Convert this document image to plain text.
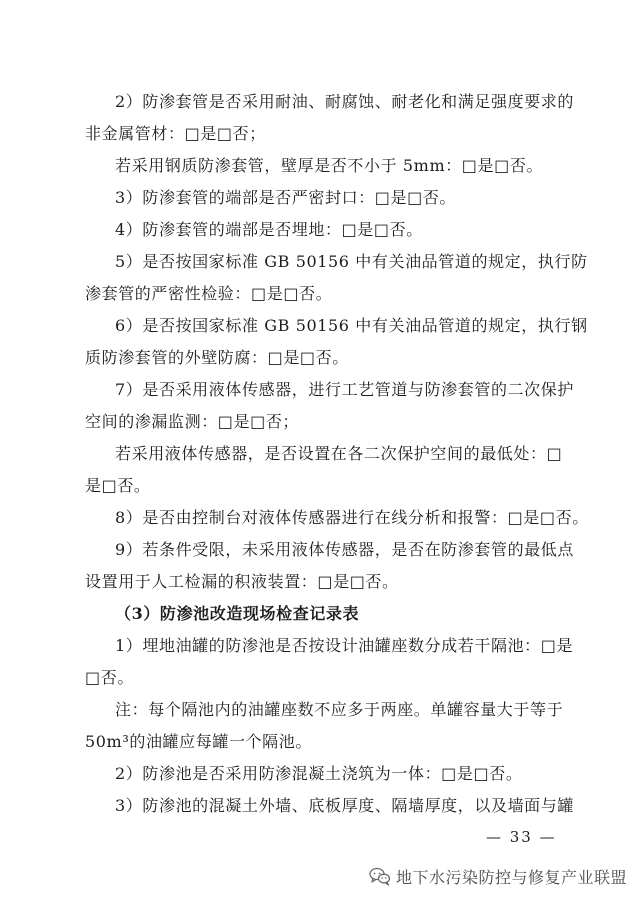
2）防渗套管是否采用耐油、耐腐蚀、耐老化和满足强度要求的
非金属管材：□是□否；
若采用钢质防渗套管，壁厚是否不小于 5mm：□是□否。
3）防渗套管的端部是否严密封口：□是□否。
4）防渗套管的端部是否埋地：□是□否。
5）是否按国家标准 GB 50156 中有关油品管道的规定，执行防
渗套管的严密性检验：□是□否。
6）是否按国家标准 GB 50156 中有关油品管道的规定，执行钢
质防渗套管的外壁防腐：□是□否。
7）是否采用液体传感器，进行工艺管道与防渗套管的二次保护
空间的渗漏监测：□是□否；
若采用液体传感器，是否设置在各二次保护空间的最低处：□
是□否。
8）是否由控制台对液体传感器进行在线分析和报警：□是□否。
9）若条件受限，未采用液体传感器，是否在防渗套管的最低点
设置用于人工检漏的积液装置：□是□否。
（3）防渗池改造现场检查记录表
1）埋地油罐的防渗池是否按设计油罐座数分成若干隔池：□是
□否。
注：每个隔池内的油罐座数不应多于两座。单罐容量大于等于
50m³的油罐应每罐一个隔池。
2）防渗池是否采用防渗混凝土浇筑为一体：□是□否。
3）防渗池的混凝土外墙、底板厚度、隔墙厚度，以及墙面与罐
— 33 —
地下水污染防控与修复产业联盟
